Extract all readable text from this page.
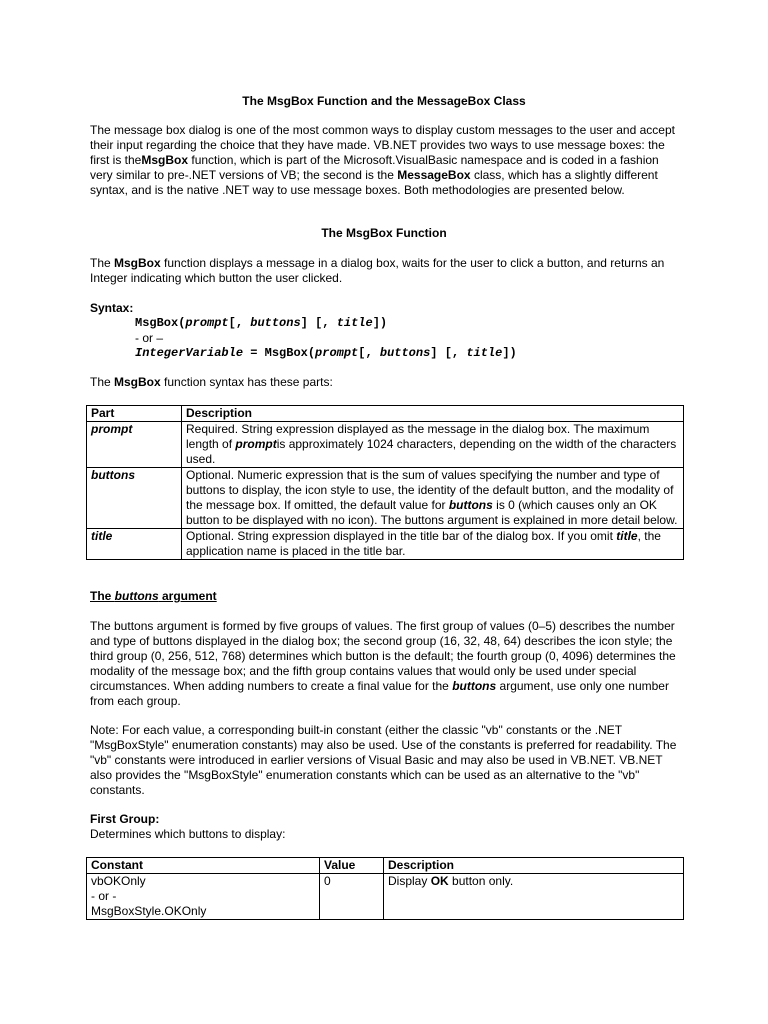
The MsgBox Function and the MessageBox Class
The message box dialog is one of the most common ways to display custom messages to the user and accept their input regarding the choice that they have made. VB.NET provides two ways to use message boxes: the first is theMsgBox function, which is part of the Microsoft.VisualBasic namespace and is coded in a fashion very similar to pre-.NET versions of VB; the second is the MessageBox class, which has a slightly different syntax, and is the native .NET way to use message boxes. Both methodologies are presented below.
The MsgBox Function
The MsgBox function displays a message in a dialog box, waits for the user to click a button, and returns an Integer indicating which button the user clicked.
Syntax:
MsgBox(prompt[, buttons] [, title])
- or –
IntegerVariable = MsgBox(prompt[, buttons] [, title])
The MsgBox function syntax has these parts:
Part	Description
prompt	Required. String expression displayed as the message in the dialog box. The maximum length of promptis approximately 1024 characters, depending on the width of the characters used.
buttons	Optional. Numeric expression that is the sum of values specifying the number and type of buttons to display, the icon style to use, the identity of the default button, and the modality of the message box. If omitted, the default value for buttons is 0 (which causes only an OK button to be displayed with no icon). The buttons argument is explained in more detail below.
title	Optional. String expression displayed in the title bar of the dialog box. If you omit title, the application name is placed in the title bar.
The buttons argument
The buttons argument is formed by five groups of values. The first group of values (0–5) describes the number and type of buttons displayed in the dialog box; the second group (16, 32, 48, 64) describes the icon style; the third group (0, 256, 512, 768) determines which button is the default; the fourth group (0, 4096) determines the modality of the message box; and the fifth group contains values that would only be used under special circumstances. When adding numbers to create a final value for the buttons argument, use only one number from each group.
Note: For each value, a corresponding built-in constant (either the classic "vb" constants or the .NET "MsgBoxStyle" enumeration constants) may also be used. Use of the constants is preferred for readability. The "vb" constants were introduced in earlier versions of Visual Basic and may also be used in VB.NET. VB.NET also provides the "MsgBoxStyle" enumeration constants which can be used as an alternative to the "vb" constants.
First Group:
Determines which buttons to display:
Constant	Value	Description

vbOKOnly
- or -
MsgBoxStyle.OKOnly	0	Display OK button only.
